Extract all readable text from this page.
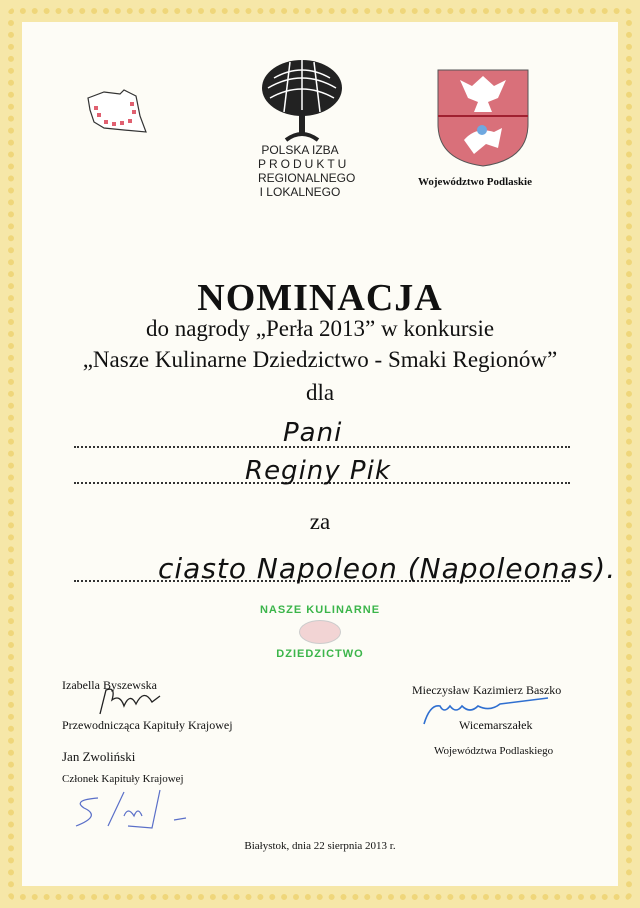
POLSKA IZBA
PRODUKTU
REGIONALNEGO
I LOKALNEGO
Województwo Podlaskie
NOMINACJA
do nagrody „Perła 2013” w konkursie
„Nasze Kulinarne Dziedzictwo - Smaki Regionów”
dla
Pani
Reginy Pik
za
ciasto Napoleon (Napoleonas).
NASZE KULINARNE
DZIEDZICTWO
Izabella Byszewska
Przewodnicząca Kapituły Krajowej
Jan Zwoliński
Członek Kapituły Krajowej
Mieczysław Kazimierz Baszko
Wicemarszałek
Województwa Podlaskiego
Białystok, dnia 22 sierpnia 2013 r.
